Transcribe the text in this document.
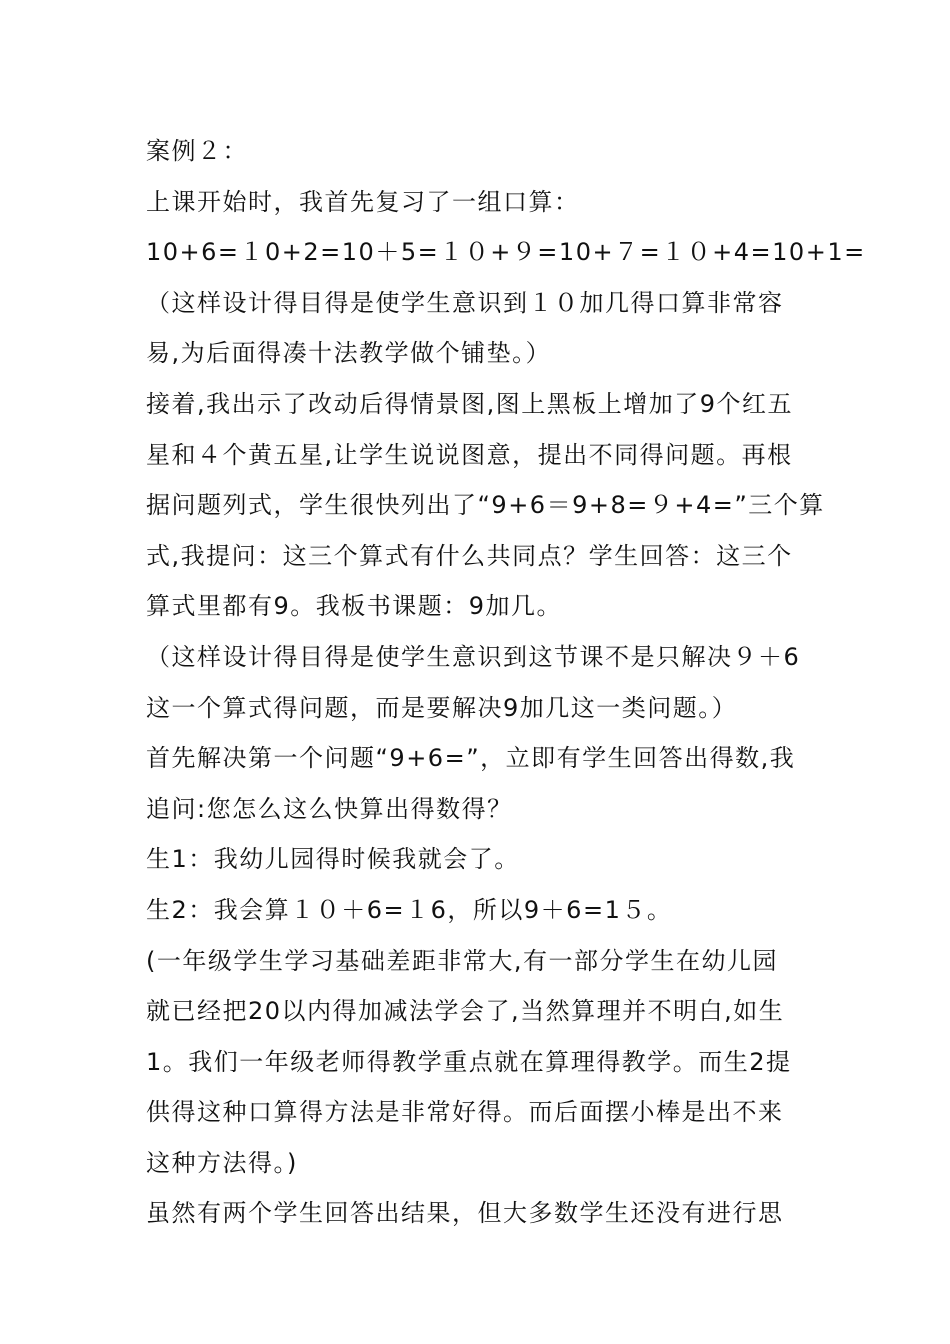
案例２：
上课开始时，我首先复习了一组口算：
10+6=１0+2=10＋5=１０+９=10+７=１０+4=10+1=
（这样设计得目得是使学生意识到１０加几得口算非常容
易,为后面得凑十法教学做个铺垫。）
接着,我出示了改动后得情景图,图上黑板上增加了9个红五
星和４个黄五星,让学生说说图意，提出不同得问题。再根
据问题列式，学生很快列出了“9+6＝9+8=９+4=”三个算
式,我提问：这三个算式有什么共同点？学生回答：这三个
算式里都有9。我板书课题：9加几。
（这样设计得目得是使学生意识到这节课不是只解决９＋6
这一个算式得问题，而是要解决9加几这一类问题。）
首先解决第一个问题“9+6=”，立即有学生回答出得数,我
追问:您怎么这么快算出得数得？
生1：我幼儿园得时候我就会了。
生2：我会算１０＋6=１6，所以9＋6=1５。
(一年级学生学习基础差距非常大,有一部分学生在幼儿园
就已经把20以内得加减法学会了,当然算理并不明白,如生
1。我们一年级老师得教学重点就在算理得教学。而生2提
供得这种口算得方法是非常好得。而后面摆小棒是出不来
这种方法得。)
虽然有两个学生回答出结果，但大多数学生还没有进行思
